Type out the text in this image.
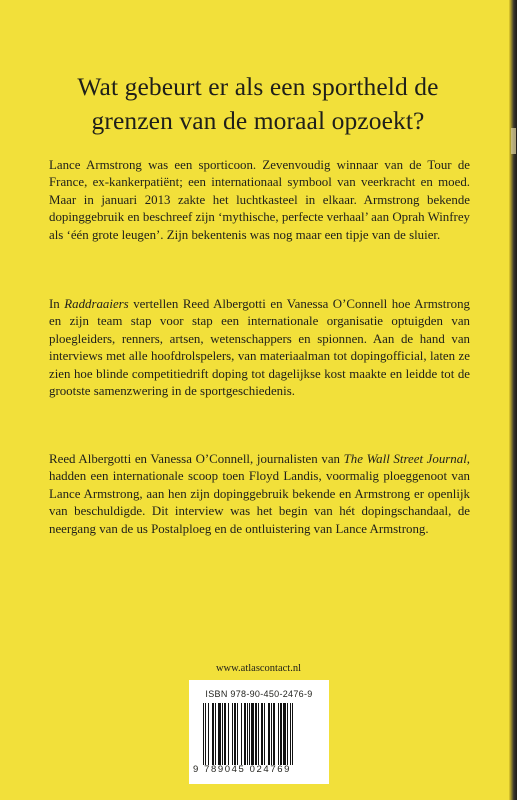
Wat gebeurt er als een sportheld de
grenzen van de moraal opzoekt?

Lance Armstrong was een sporticoon. Zevenvoudig winnaar van de Tour de France, ex-kankerpatiënt; een internationaal symbool van veerkracht en moed. Maar in januari 2013 zakte het luchtkasteel in elkaar. Armstrong bekende dopinggebruik en beschreef zijn ‘mythische, perfecte verhaal’ aan Oprah Winfrey als ‘één grote leugen’. Zijn bekentenis was nog maar een tipje van de sluier.

In Raddraaiers vertellen Reed Albergotti en Vanessa O’Connell hoe Armstrong en zijn team stap voor stap een internationale organisatie optuigden van ploegleiders, renners, artsen, wetenschappers en spionnen. Aan de hand van interviews met alle hoofdrolspelers, van materiaalman tot dopingofficial, laten ze zien hoe blinde competitiedrift doping tot dagelijkse kost maakte en leidde tot de grootste samenzwering in de sportgeschiedenis.

Reed Albergotti en Vanessa O’Connell, journalisten van The Wall Street Journal, hadden een internationale scoop toen Floyd Landis, voormalig ploeggenoot van Lance Armstrong, aan hen zijn dopinggebruik bekende en Armstrong er openlijk van beschuldigde. Dit interview was het begin van hét dopingschandaal, de neergang van de us Postalploeg en de ontluistering van Lance Armstrong.

www.atlascontact.nl
ISBN 978-90-450-2476-9
9 789045 024769
